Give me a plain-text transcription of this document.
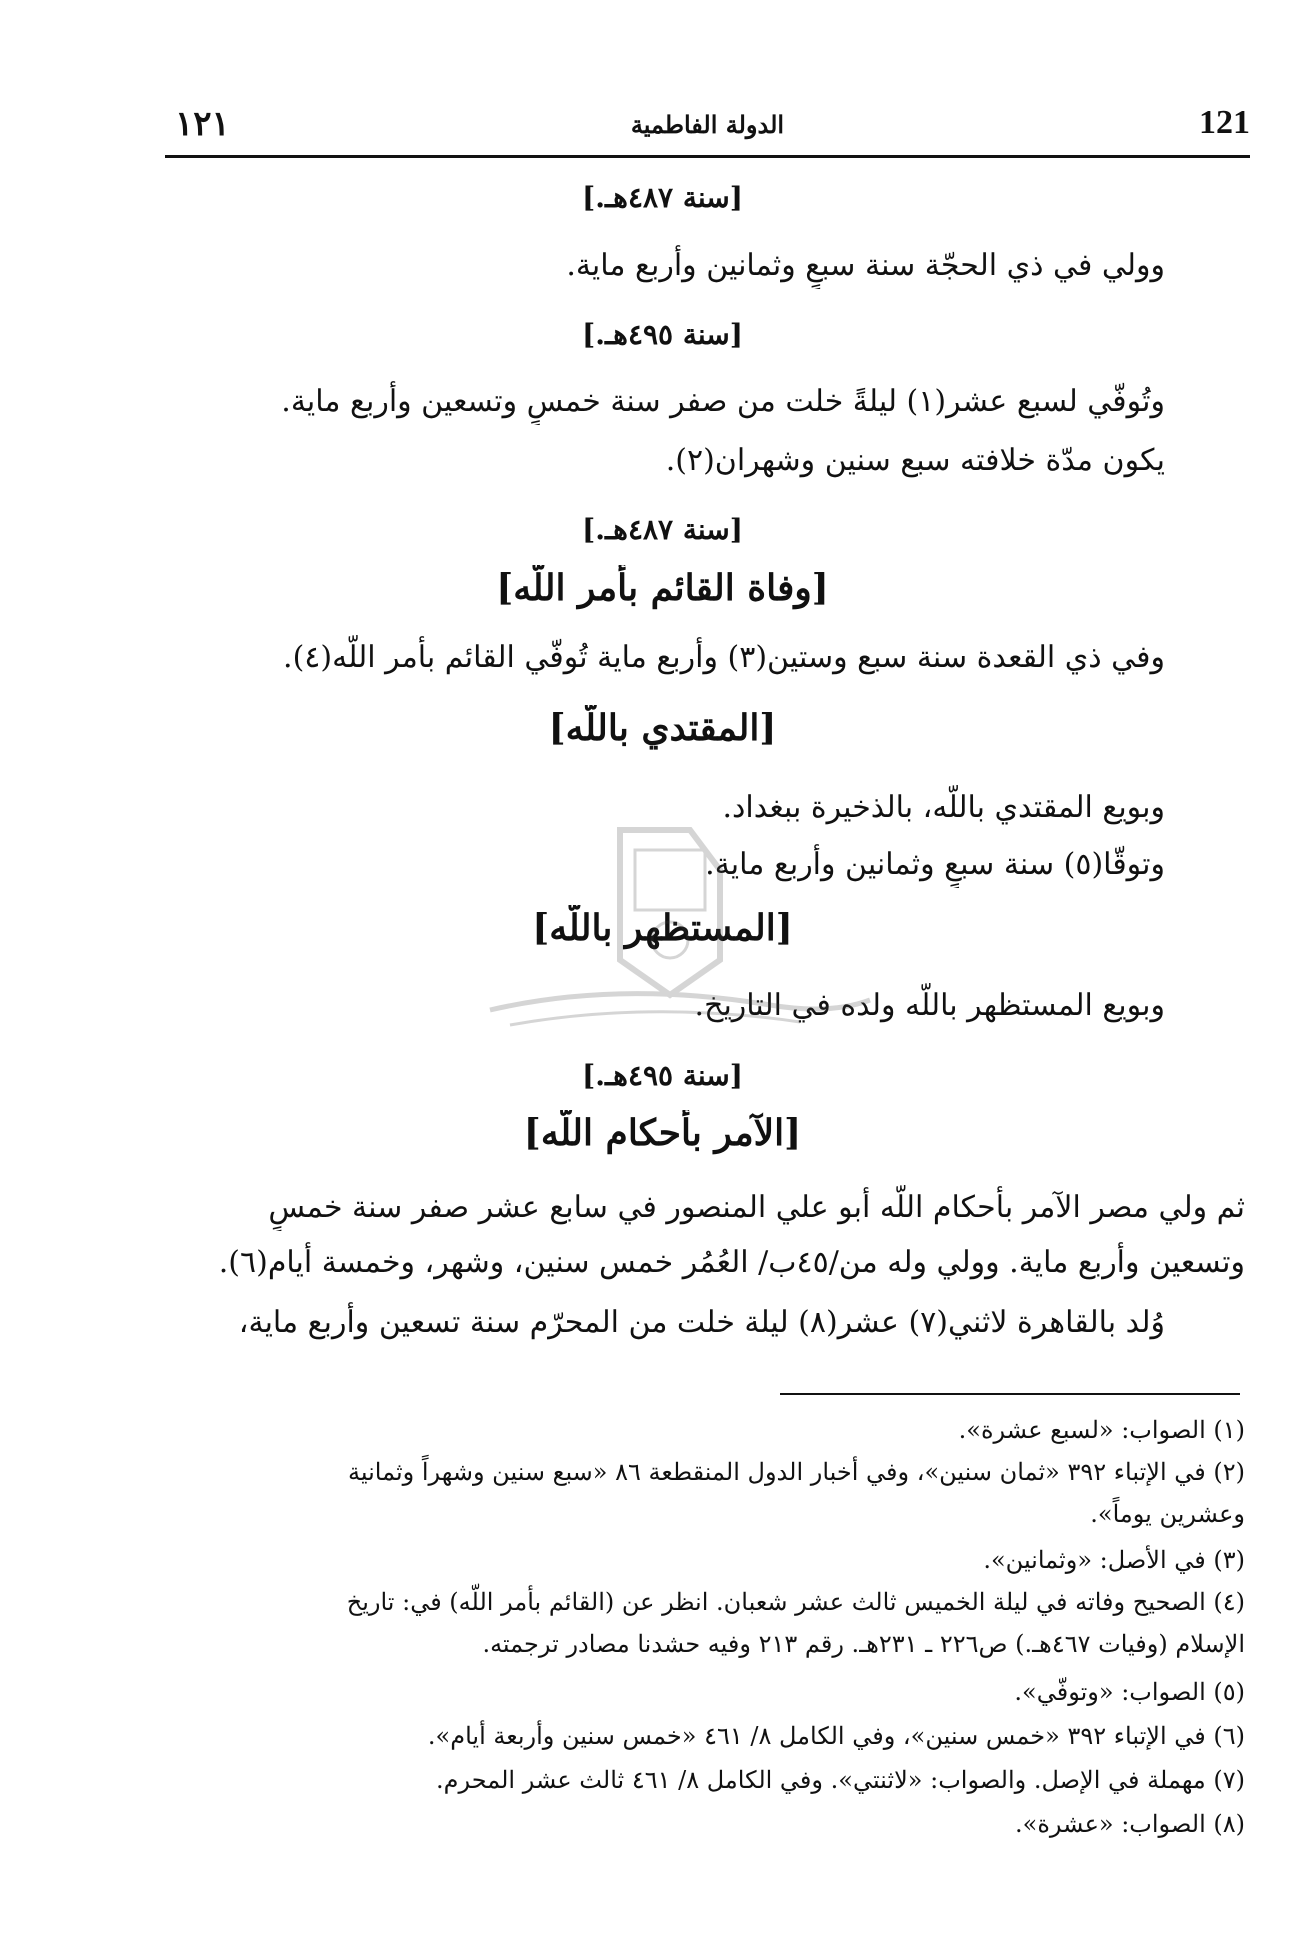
١٢١	الدولة الفاطمية	121
[سنة ٤٨٧هـ.]
وولي في ذي الحجّة سنة سبعٍ وثمانين وأربع ماية.
[سنة ٤٩٥هـ.]
وتُوفّي لسبع عشر(١) ليلةً خلت من صفر سنة خمسٍ وتسعين وأربع ماية.
يكون مدّة خلافته سبع سنين وشهران(٢).
[سنة ٤٨٧هـ.]
[وفاة القائم بأمر اللّه]
وفي ذي القعدة سنة سبع وستين(٣) وأربع ماية تُوفّي القائم بأمر اللّه(٤).
[المقتدي باللّه]
وبويع المقتدي باللّه، بالذخيرة ببغداد.
وتوقّا(٥) سنة سبعٍ وثمانين وأربع ماية.
[المستظهر باللّه]
وبويع المستظهر باللّه ولده في التاريخ.
[سنة ٤٩٥هـ.]
[الآمر بأحكام اللّه]
ثم ولي مصر الآمر بأحكام اللّه أبو علي المنصور في سابع عشر صفر سنة خمسٍ
وتسعين وأربع ماية. وولي وله من/٤٥ب/ العُمُر خمس سنين، وشهر، وخمسة أيام(٦).
وُلد بالقاهرة لاثني(٧) عشر(٨) ليلة خلت من المحرّم سنة تسعين وأربع ماية،
(١) الصواب: «لسبع عشرة».
(٢) في الإتباء ٣٩٢ «ثمان سنين»، وفي أخبار الدول المنقطعة ٨٦ «سبع سنين وشهراً وثمانية
وعشرين يوماً».
(٣) في الأصل: «وثمانين».
(٤) الصحيح وفاته في ليلة الخميس ثالث عشر شعبان. انظر عن (القائم بأمر اللّه) في: تاريخ
الإسلام (وفيات ٤٦٧هـ.) ص٢٢٦ ـ ٢٣١هـ. رقم ٢١٣ وفيه حشدنا مصادر ترجمته.
(٥) الصواب: «وتوفّي».
(٦) في الإتباء ٣٩٢ «خمس سنين»، وفي الكامل ٨/ ٤٦١ «خمس سنين وأربعة أيام».
(٧) مهملة في الإصل. والصواب: «لاثنتي». وفي الكامل ٨/ ٤٦١ ثالث عشر المحرم.
(٨) الصواب: «عشرة».
